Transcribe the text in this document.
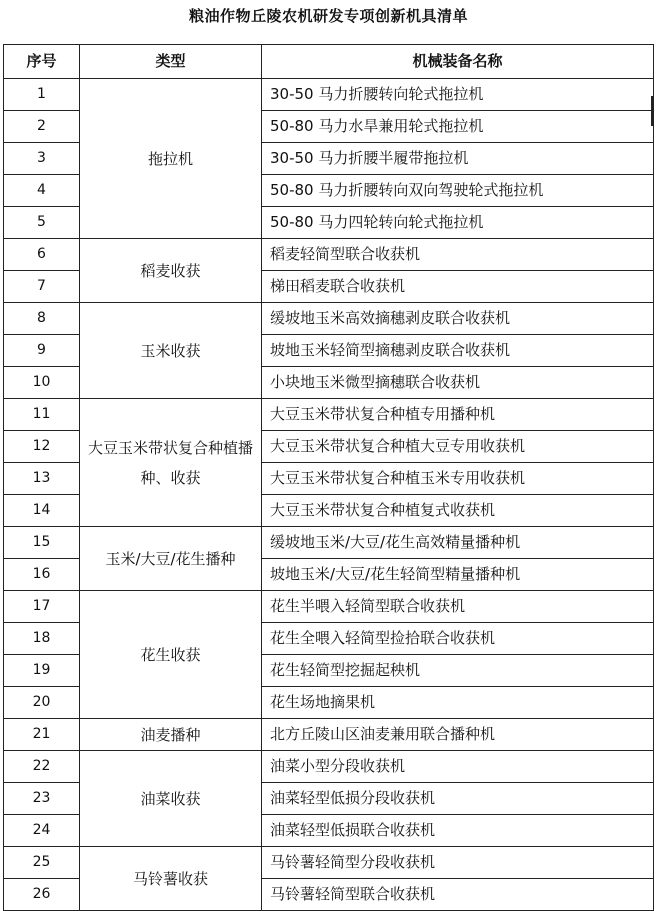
粮油作物丘陵农机研发专项创新机具清单
序号	类型	机械装备名称
1	拖拉机	30-50 马力折腰转向轮式拖拉机
2		50-80 马力水旱兼用轮式拖拉机
3		30-50 马力折腰半履带拖拉机
4		50-80 马力折腰转向双向驾驶轮式拖拉机
5		50-80 马力四轮转向轮式拖拉机
6	稻麦收获	稻麦轻简型联合收获机
7		梯田稻麦联合收获机
8	玉米收获	缓坡地玉米高效摘穗剥皮联合收获机
9		坡地玉米轻简型摘穗剥皮联合收获机
10		小块地玉米微型摘穗联合收获机
11	大豆玉米带状复合种植播种、收获	大豆玉米带状复合种植专用播种机
12		大豆玉米带状复合种植大豆专用收获机
13		大豆玉米带状复合种植玉米专用收获机
14		大豆玉米带状复合种植复式收获机
15	玉米/大豆/花生播种	缓坡地玉米/大豆/花生高效精量播种机
16		坡地玉米/大豆/花生轻简型精量播种机
17	花生收获	花生半喂入轻简型联合收获机
18		花生全喂入轻简型捡拾联合收获机
19		花生轻简型挖掘起秧机
20		花生场地摘果机
21	油麦播种	北方丘陵山区油麦兼用联合播种机
22	油菜收获	油菜小型分段收获机
23		油菜轻型低损分段收获机
24		油菜轻型低损联合收获机
25	马铃薯收获	马铃薯轻简型分段收获机
26		马铃薯轻简型联合收获机
